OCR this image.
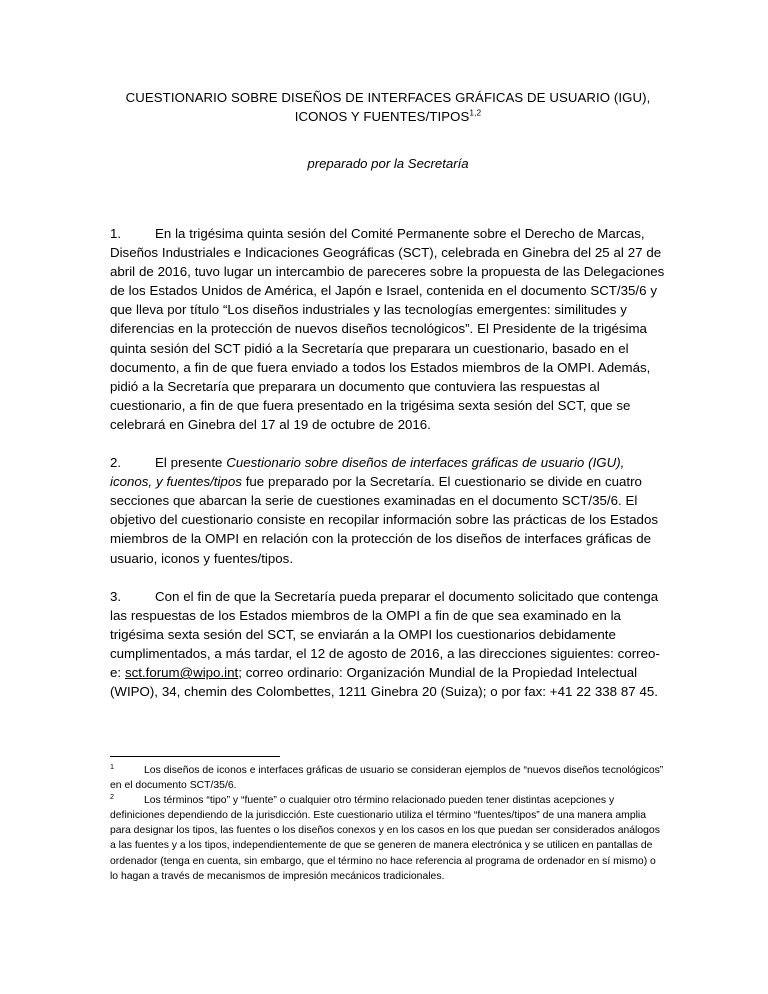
CUESTIONARIO SOBRE DISEÑOS DE INTERFACES GRÁFICAS DE USUARIO (IGU),
ICONOS Y FUENTES/TIPOS$^{1,2}$

preparado por la Secretaría

1.	En la trigésima quinta sesión del Comité Permanente sobre el Derecho de Marcas, Diseños Industriales e Indicaciones Geográficas (SCT), celebrada en Ginebra del 25 al 27 de abril de 2016, tuvo lugar un intercambio de pareceres sobre la propuesta de las Delegaciones de los Estados Unidos de América, el Japón e Israel, contenida en el documento SCT/35/6 y que lleva por título “Los diseños industriales y las tecnologías emergentes: similitudes y diferencias en la protección de nuevos diseños tecnológicos”. El Presidente de la trigésima quinta sesión del SCT pidió a la Secretaría que preparara un cuestionario, basado en el documento, a fin de que fuera enviado a todos los Estados miembros de la OMPI. Además, pidió a la Secretaría que preparara un documento que contuviera las respuestas al cuestionario, a fin de que fuera presentado en la trigésima sexta sesión del SCT, que se celebrará en Ginebra del 17 al 19 de octubre de 2016.

2.	El presente Cuestionario sobre diseños de interfaces gráficas de usuario (IGU), iconos, y fuentes/tipos fue preparado por la Secretaría. El cuestionario se divide en cuatro secciones que abarcan la serie de cuestiones examinadas en el documento SCT/35/6. El objetivo del cuestionario consiste en recopilar información sobre las prácticas de los Estados miembros de la OMPI en relación con la protección de los diseños de interfaces gráficas de usuario, iconos y fuentes/tipos.

3.	Con el fin de que la Secretaría pueda preparar el documento solicitado que contenga las respuestas de los Estados miembros de la OMPI a fin de que sea examinado en la trigésima sexta sesión del SCT, se enviarán a la OMPI los cuestionarios debidamente cumplimentados, a más tardar, el 12 de agosto de 2016, a las direcciones siguientes: correo-e: sct.forum@wipo.int; correo ordinario: Organización Mundial de la Propiedad Intelectual (WIPO), 34, chemin des Colombettes, 1211 Ginebra 20 (Suiza); o por fax: +41 22 338 87 45.

1	Los diseños de iconos e interfaces gráficas de usuario se consideran ejemplos de “nuevos diseños tecnológicos” en el documento SCT/35/6.

2	Los términos “tipo” y “fuente” o cualquier otro término relacionado pueden tener distintas acepciones y definiciones dependiendo de la jurisdicción. Este cuestionario utiliza el término “fuentes/tipos” de una manera amplia para designar los tipos, las fuentes o los diseños conexos y en los casos en los que puedan ser considerados análogos a las fuentes y a los tipos, independientemente de que se generen de manera electrónica y se utilicen en pantallas de ordenador (tenga en cuenta, sin embargo, que el término no hace referencia al programa de ordenador en sí mismo) o lo hagan a través de mecanismos de impresión mecánicos tradicionales.
